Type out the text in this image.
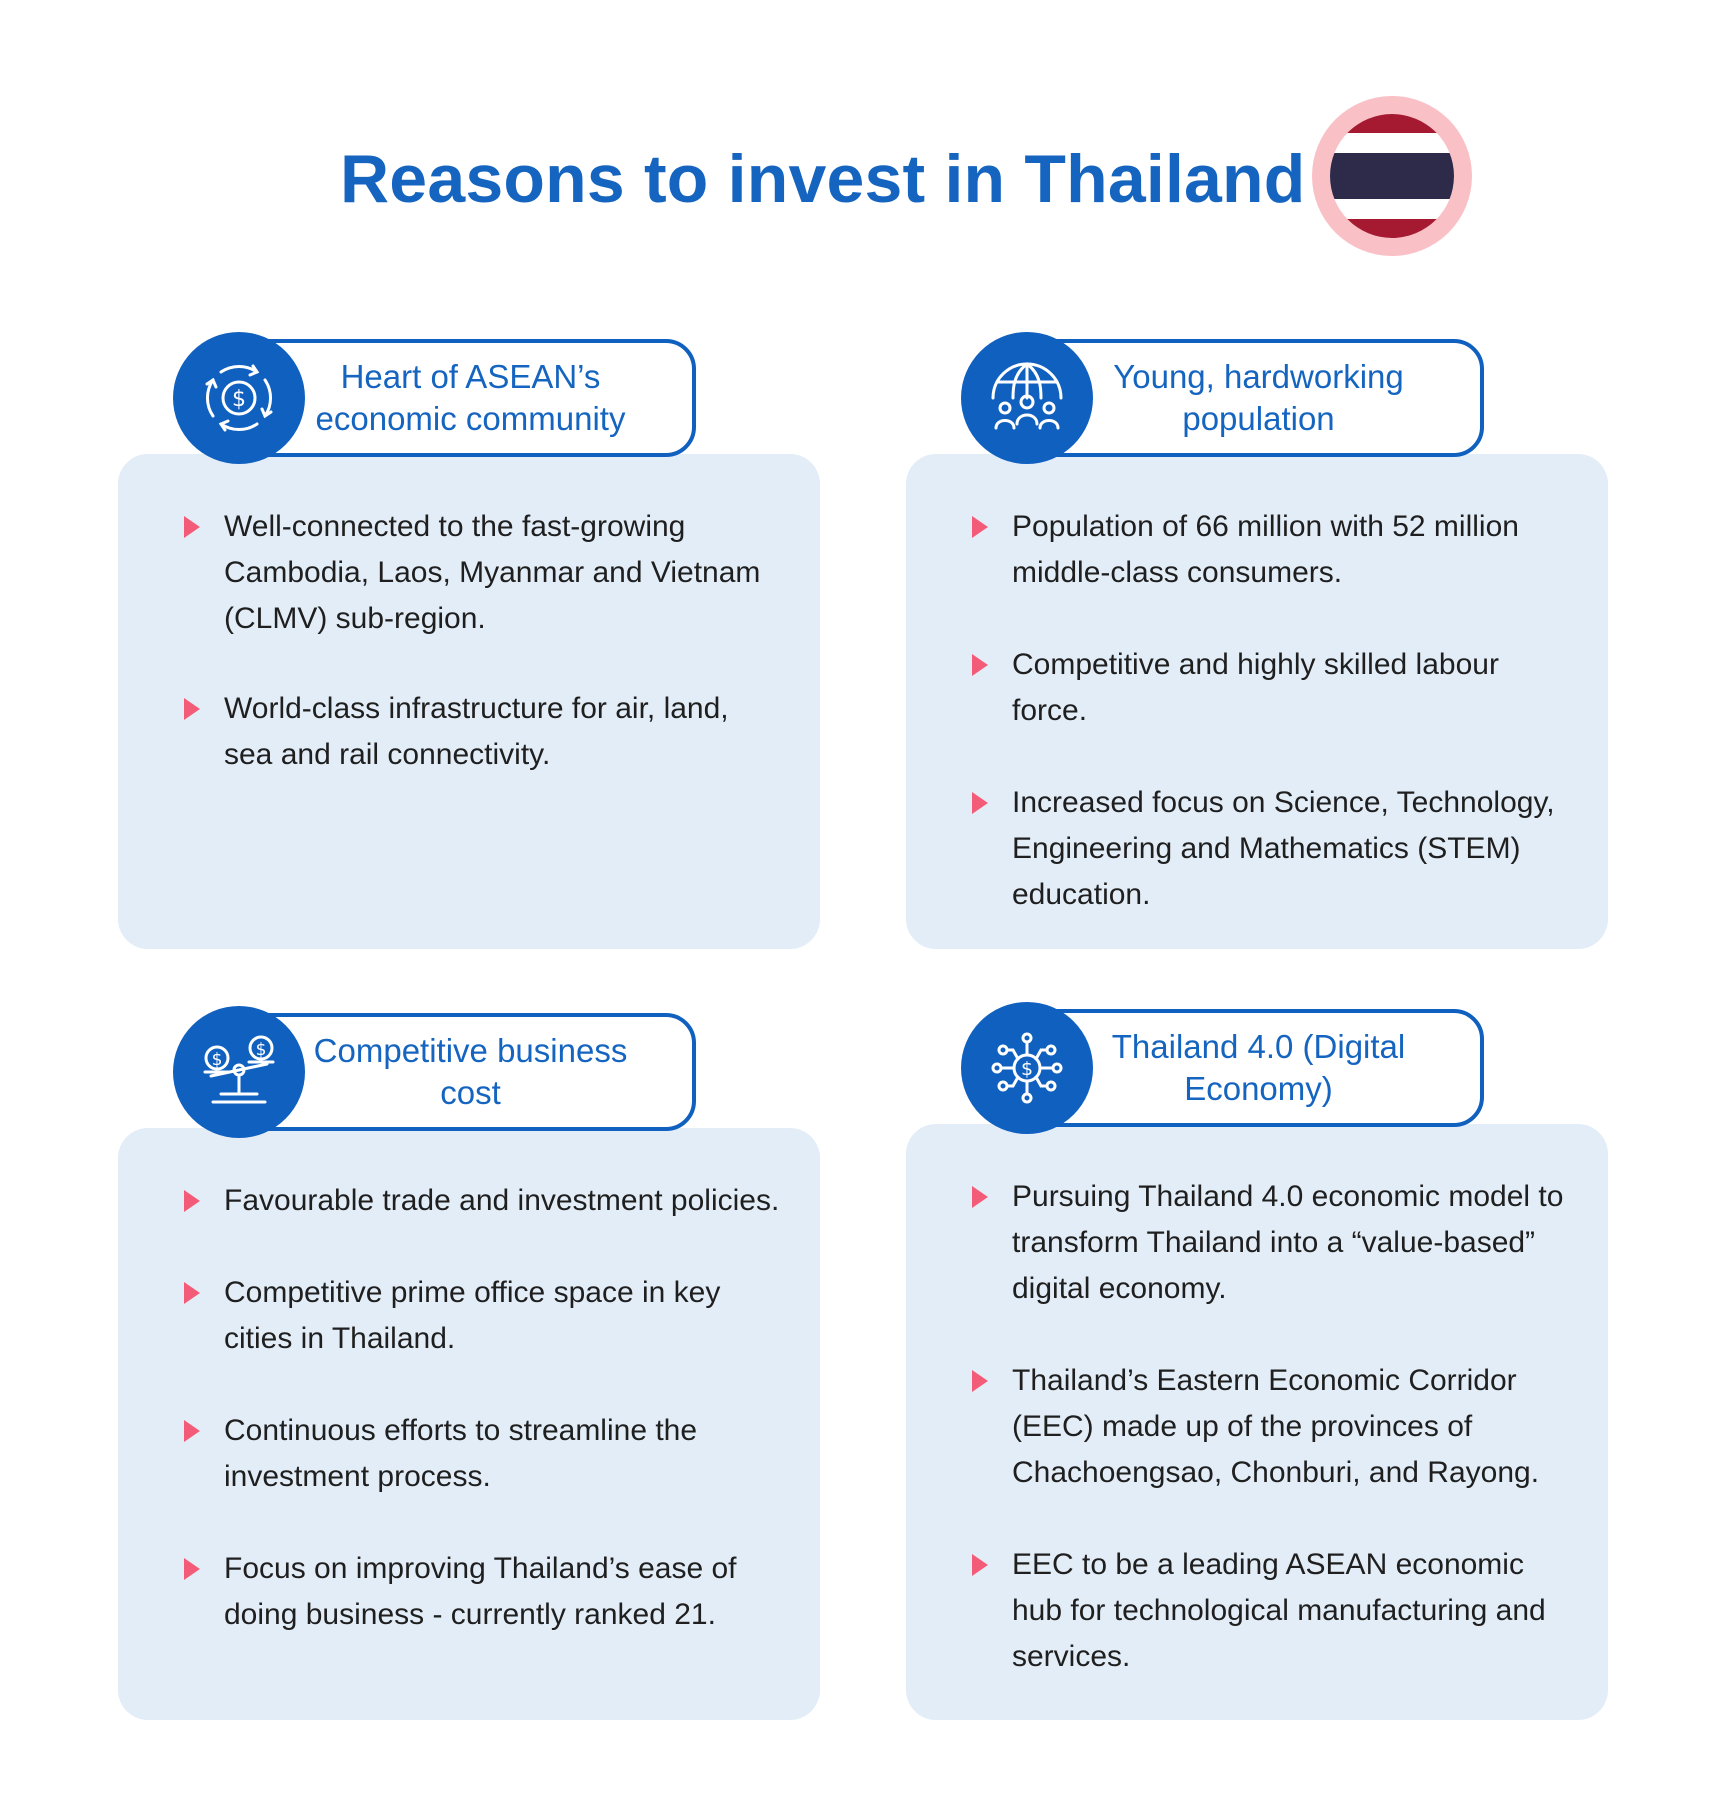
Reasons to invest in Thailand
Heart of ASEAN’s economic community
$
Well-connected to the fast-growing Cambodia, Laos, Myanmar and Vietnam (CLMV) sub-region.
World-class infrastructure for air, land, sea and rail connectivity.
Young, hardworking population
Population of 66 million with 52 million middle-class consumers.
Competitive and highly skilled labour force.
Increased focus on Science, Technology, Engineering and Mathematics (STEM) education.
Competitive business cost
$ $
Favourable trade and investment policies.
Competitive prime office space in key cities in Thailand.
Continuous efforts to streamline the investment process.
Focus on improving Thailand’s ease of doing business - currently ranked 21.
Thailand 4.0 (Digital Economy)
$
Pursuing Thailand 4.0 economic model to transform Thailand into a “value-based” digital economy.
Thailand’s Eastern Economic Corridor (EEC) made up of the provinces of Chachoengsao, Chonburi, and Rayong.
EEC to be a leading ASEAN economic hub for technological manufacturing and services.
